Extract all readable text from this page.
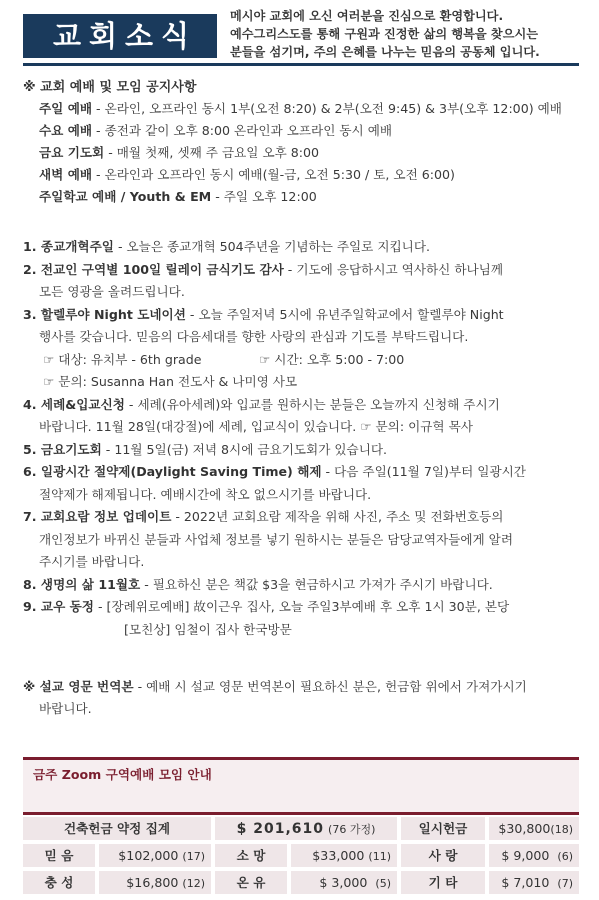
교회소식
메시야 교회에 오신 여러분을 진심으로 환영합니다.
예수그리스도를 통해 구원과 진정한 삶의 행복을 찾으시는
분들을 섬기며, 주의 은혜를 나누는 믿음의 공동체 입니다.
※ 교회 예배 및 모임 공지사항
주일 예배 - 온라인, 오프라인 동시 1부(오전 8:20) & 2부(오전 9:45) & 3부(오후 12:00) 예배
수요 예배 - 종전과 같이 오후 8:00 온라인과 오프라인 동시 예배
금요 기도회 - 매월 첫째, 셋째 주 금요일 오후 8:00
새벽 예배 - 온라인과 오프라인 동시 예배(월-금, 오전 5:30 / 토, 오전 6:00)
주일학교 예배 / Youth & EM - 주일 오후 12:00
1. 종교개혁주일 - 오늘은 종교개혁 504주년을 기념하는 주일로 지킵니다.
2. 전교인 구역별 100일 릴레이 금식기도 감사 - 기도에 응답하시고 역사하신 하나님께
모든 영광을 올려드립니다.
3. 할렐루야 Night 도네이션 - 오늘 주일저녁 5시에 유년주일학교에서 할렐루야 Night
행사를 갖습니다. 믿음의 다음세대를 향한 사랑의 관심과 기도를 부탁드립니다.
☞ 대상: 유치부 - 6th grade	☞ 시간: 오후 5:00 - 7:00
☞ 문의: Susanna Han 전도사 & 나미영 사모
4. 세례&입교신청 - 세례(유아세례)와 입교를 원하시는 분들은 오늘까지 신청해 주시기
바랍니다. 11월 28일(대강절)에 세례, 입교식이 있습니다. ☞ 문의: 이규혁 목사
5. 금요기도회 - 11월 5일(금) 저녁 8시에 금요기도회가 있습니다.
6. 일광시간 절약제(Daylight Saving Time) 해제 - 다음 주일(11월 7일)부터 일광시간
절약제가 해제됩니다. 예배시간에 착오 없으시기를 바랍니다.
7. 교회요람 정보 업데이트 - 2022년 교회요람 제작을 위해 사진, 주소 및 전화번호등의
개인정보가 바뀌신 분들과 사업체 정보를 넣기 원하시는 분들은 담당교역자들에게 알려
주시기를 바랍니다.
8. 생명의 삶 11월호 - 필요하신 분은 책값 $3을 현금하시고 가져가 주시기 바랍니다.
9. 교우 동정 - [장례위로예배] 故이근우 집사, 오늘 주일3부예배 후 오후 1시 30분, 본당
[모친상] 임철이 집사 한국방문
※ 설교 영문 번역본 - 예배 시 설교 영문 번역본이 필요하신 분은, 헌금함 위에서 가져가시기
바랍니다.
금주 Zoom 구역예배 모임 안내
건축헌금 약정 집계	$ 201,610 (76 가정)	일시헌금	$30,800(18)
믿 음	$102,000 (17)	소 망	$33,000 (11)	사 랑	$ 9,000 (6)
충 성	$16,800 (12)	온 유	$ 3,000 (5)	기 타	$ 7,010 (7)
